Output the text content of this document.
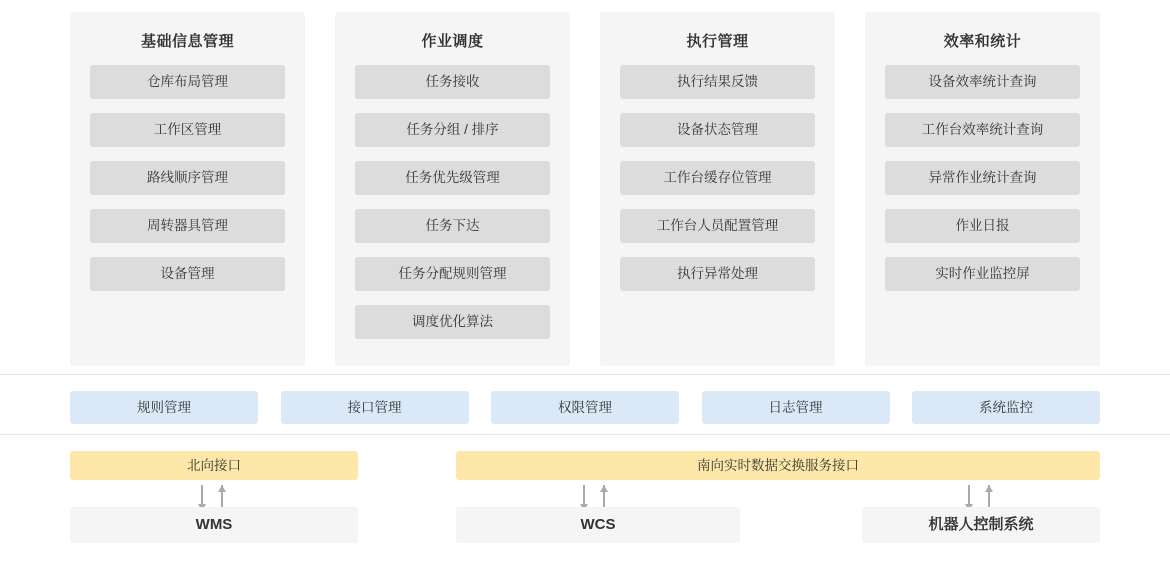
基础信息管理
仓库布局管理
工作区管理
路线顺序管理
周转器具管理
设备管理
作业调度
任务接收
任务分组 / 排序
任务优先级管理
任务下达
任务分配规则管理
调度优化算法
执行管理
执行结果反馈
设备状态管理
工作台缓存位管理
工作台人员配置管理
执行异常处理
效率和统计
设备效率统计查询
工作台效率统计查询
异常作业统计查询
作业日报
实时作业监控屏
规则管理	接口管理	权限管理	日志管理	系统监控
北向接口	南向实时数据交换服务接口
WMS	WCS	机器人控制系统
